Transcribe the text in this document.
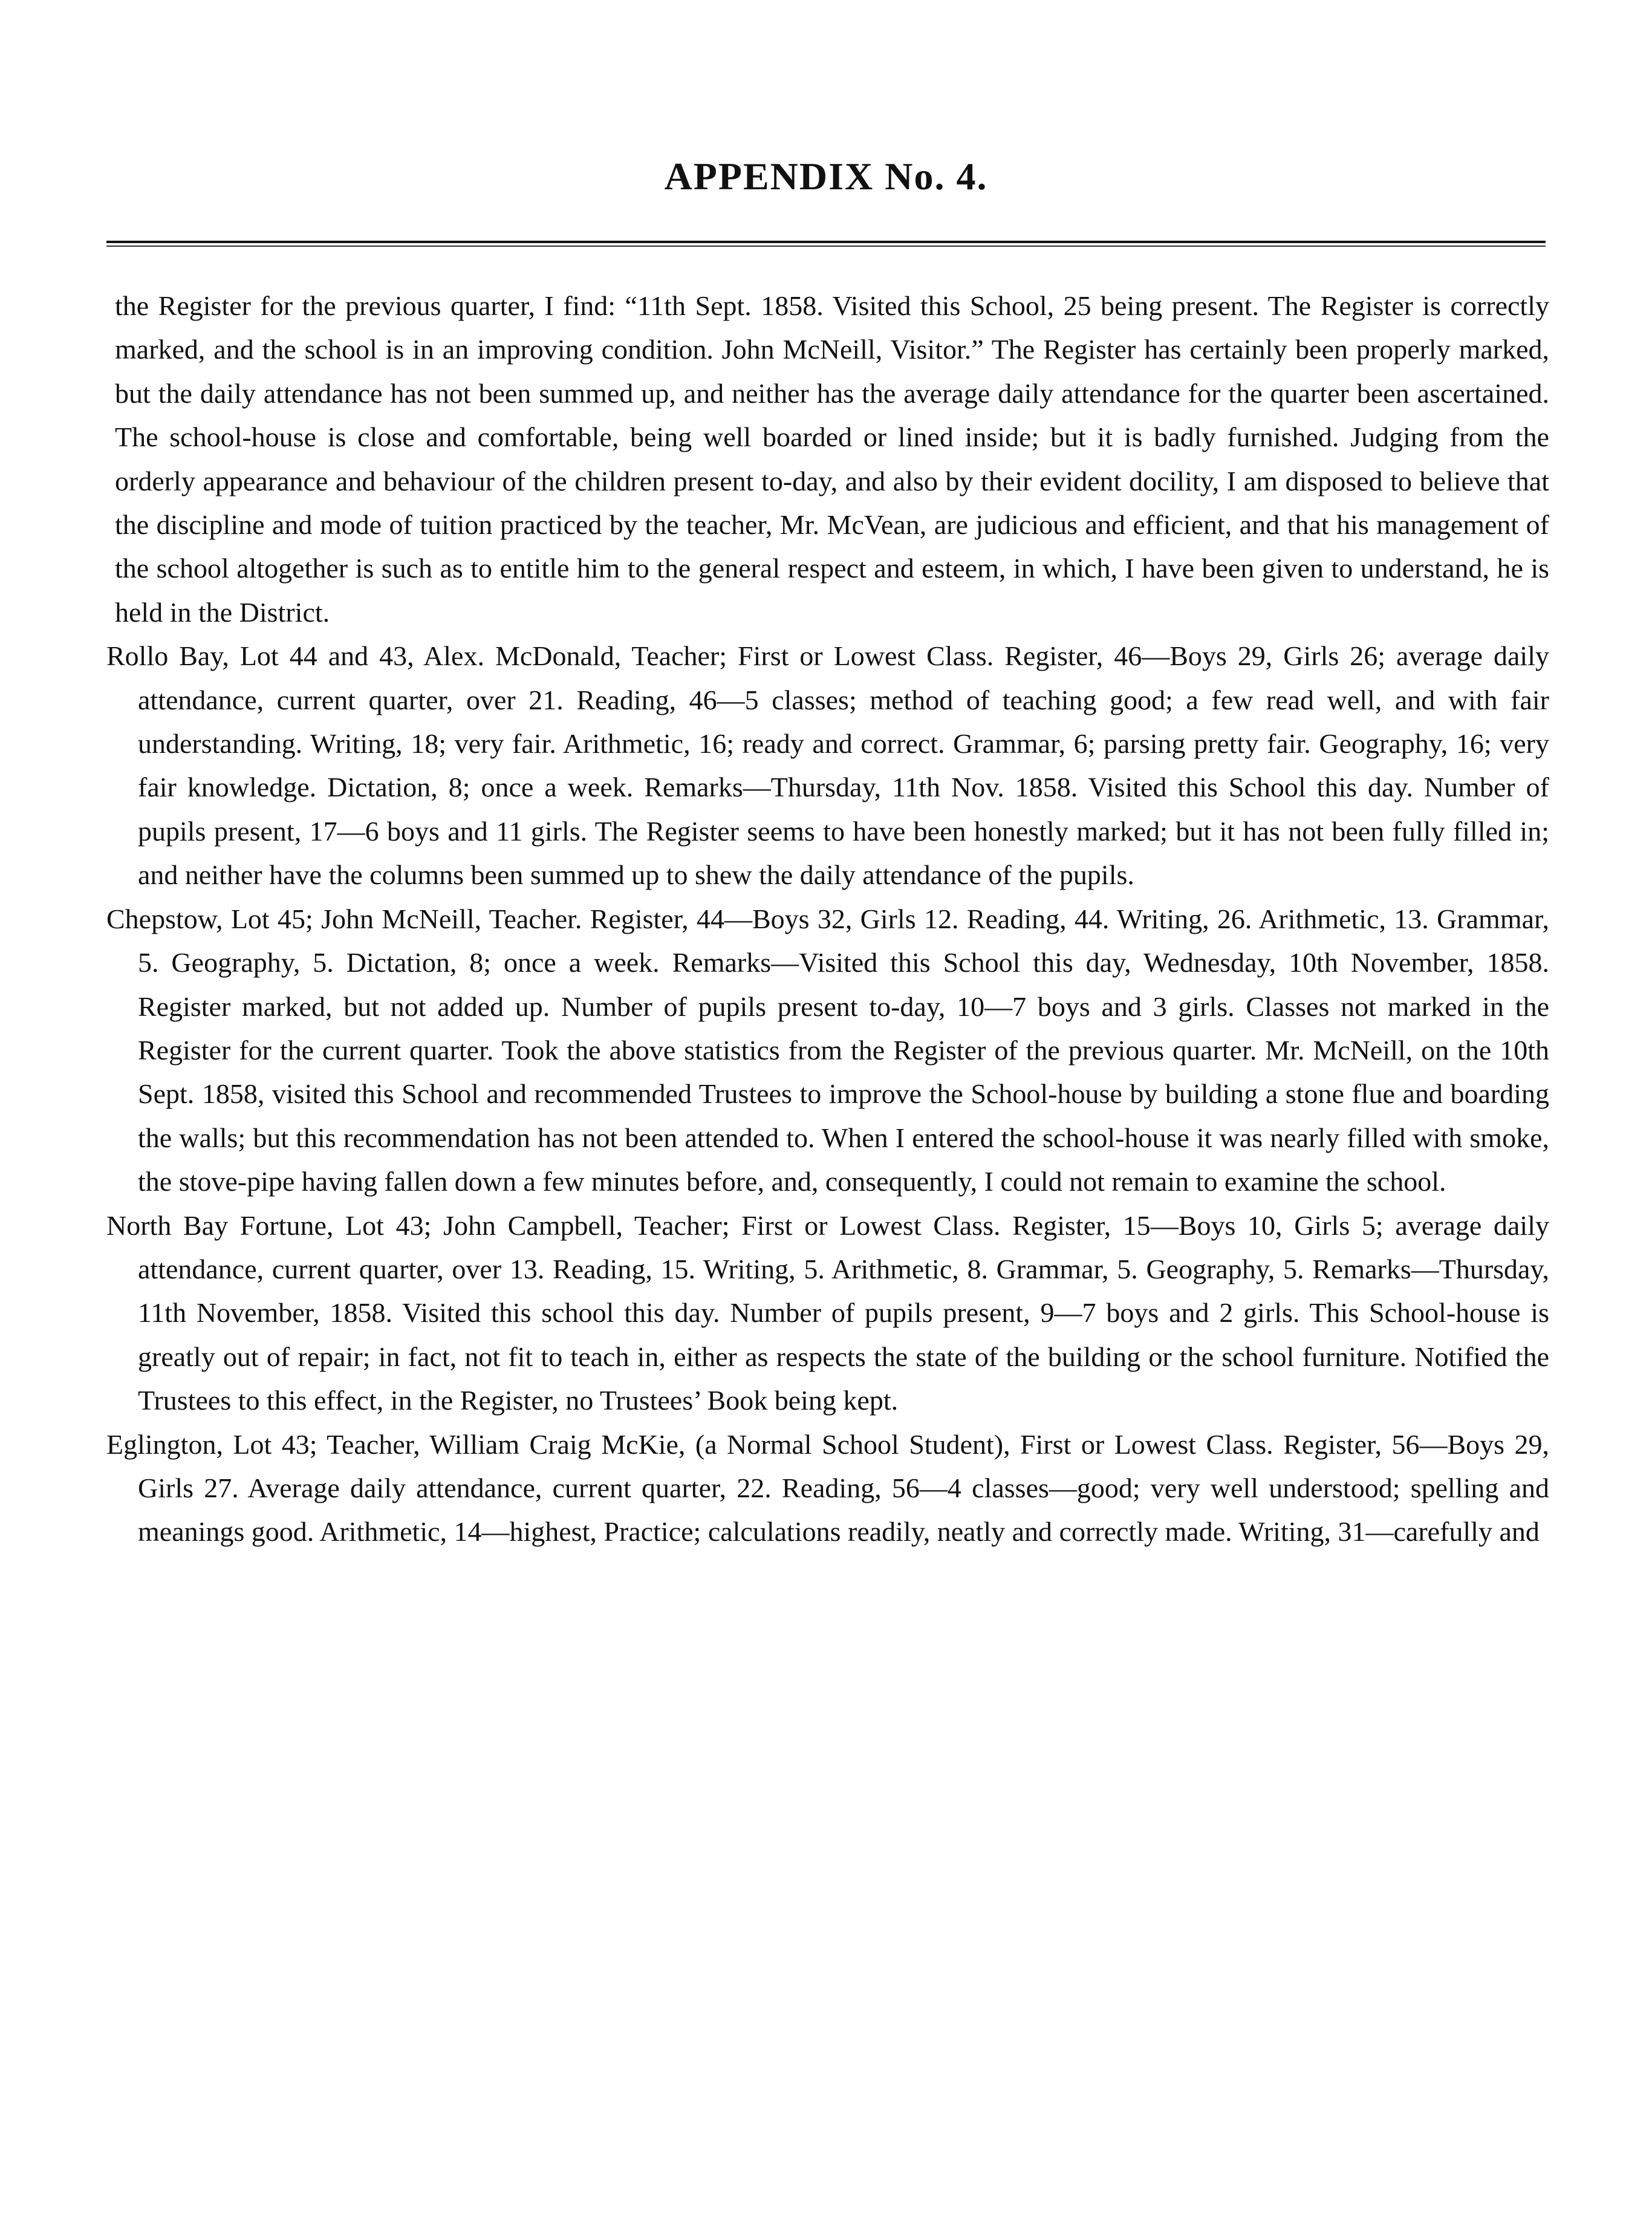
APPENDIX No. 4.

the Register for the previous quarter, I find: “11th Sept. 1858. Visited this School, 25 being present. The Register is correctly marked, and the school is in an improving condition. John McNeill, Visitor.” The Register has certainly been properly marked, but the daily attendance has not been summed up, and neither has the average daily attendance for the quarter been ascertained. The school-house is close and comfortable, being well boarded or lined inside; but it is badly furnished. Judging from the orderly appearance and behaviour of the children present to-day, and also by their evident docility, I am disposed to believe that the discipline and mode of tuition practiced by the teacher, Mr. McVean, are judicious and efficient, and that his management of the school altogether is such as to entitle him to the general respect and esteem, in which, I have been given to understand, he is held in the District.

Rollo Bay, Lot 44 and 43, Alex. McDonald, Teacher; First or Lowest Class. Register, 46—Boys 29, Girls 26; average daily attendance, current quarter, over 21. Reading, 46—5 classes; method of teaching good; a few read well, and with fair understanding. Writing, 18; very fair. Arithmetic, 16; ready and correct. Grammar, 6; parsing pretty fair. Geography, 16; very fair knowledge. Dictation, 8; once a week. Remarks—Thursday, 11th Nov. 1858. Visited this School this day. Number of pupils present, 17—6 boys and 11 girls. The Register seems to have been honestly marked; but it has not been fully filled in; and neither have the columns been summed up to shew the daily attendance of the pupils.

Chepstow, Lot 45; John McNeill, Teacher. Register, 44—Boys 32, Girls 12. Reading, 44. Writing, 26. Arithmetic, 13. Grammar, 5. Geography, 5. Dictation, 8; once a week. Remarks—Visited this School this day, Wednesday, 10th November, 1858. Register marked, but not added up. Number of pupils present to-day, 10—7 boys and 3 girls. Classes not marked in the Register for the current quarter. Took the above statistics from the Register of the previous quarter. Mr. McNeill, on the 10th Sept. 1858, visited this School and recommended Trustees to improve the School-house by building a stone flue and boarding the walls; but this recommendation has not been attended to. When I entered the school-house it was nearly filled with smoke, the stove-pipe having fallen down a few minutes before, and, consequently, I could not remain to examine the school.

North Bay Fortune, Lot 43; John Campbell, Teacher; First or Lowest Class. Register, 15—Boys 10, Girls 5; average daily attendance, current quarter, over 13. Reading, 15. Writing, 5. Arithmetic, 8. Grammar, 5. Geography, 5. Remarks—Thursday, 11th November, 1858. Visited this school this day. Number of pupils present, 9—7 boys and 2 girls. This School-house is greatly out of repair; in fact, not fit to teach in, either as respects the state of the building or the school furniture. Notified the Trustees to this effect, in the Register, no Trustees’ Book being kept.

Eglington, Lot 43; Teacher, William Craig McKie, (a Normal School Student), First or Lowest Class. Register, 56—Boys 29, Girls 27. Average daily attendance, current quarter, 22. Reading, 56—4 classes—good; very well understood; spelling and meanings good. Arithmetic, 14—highest, Practice; calculations readily, neatly and correctly made. Writing, 31—carefully and
